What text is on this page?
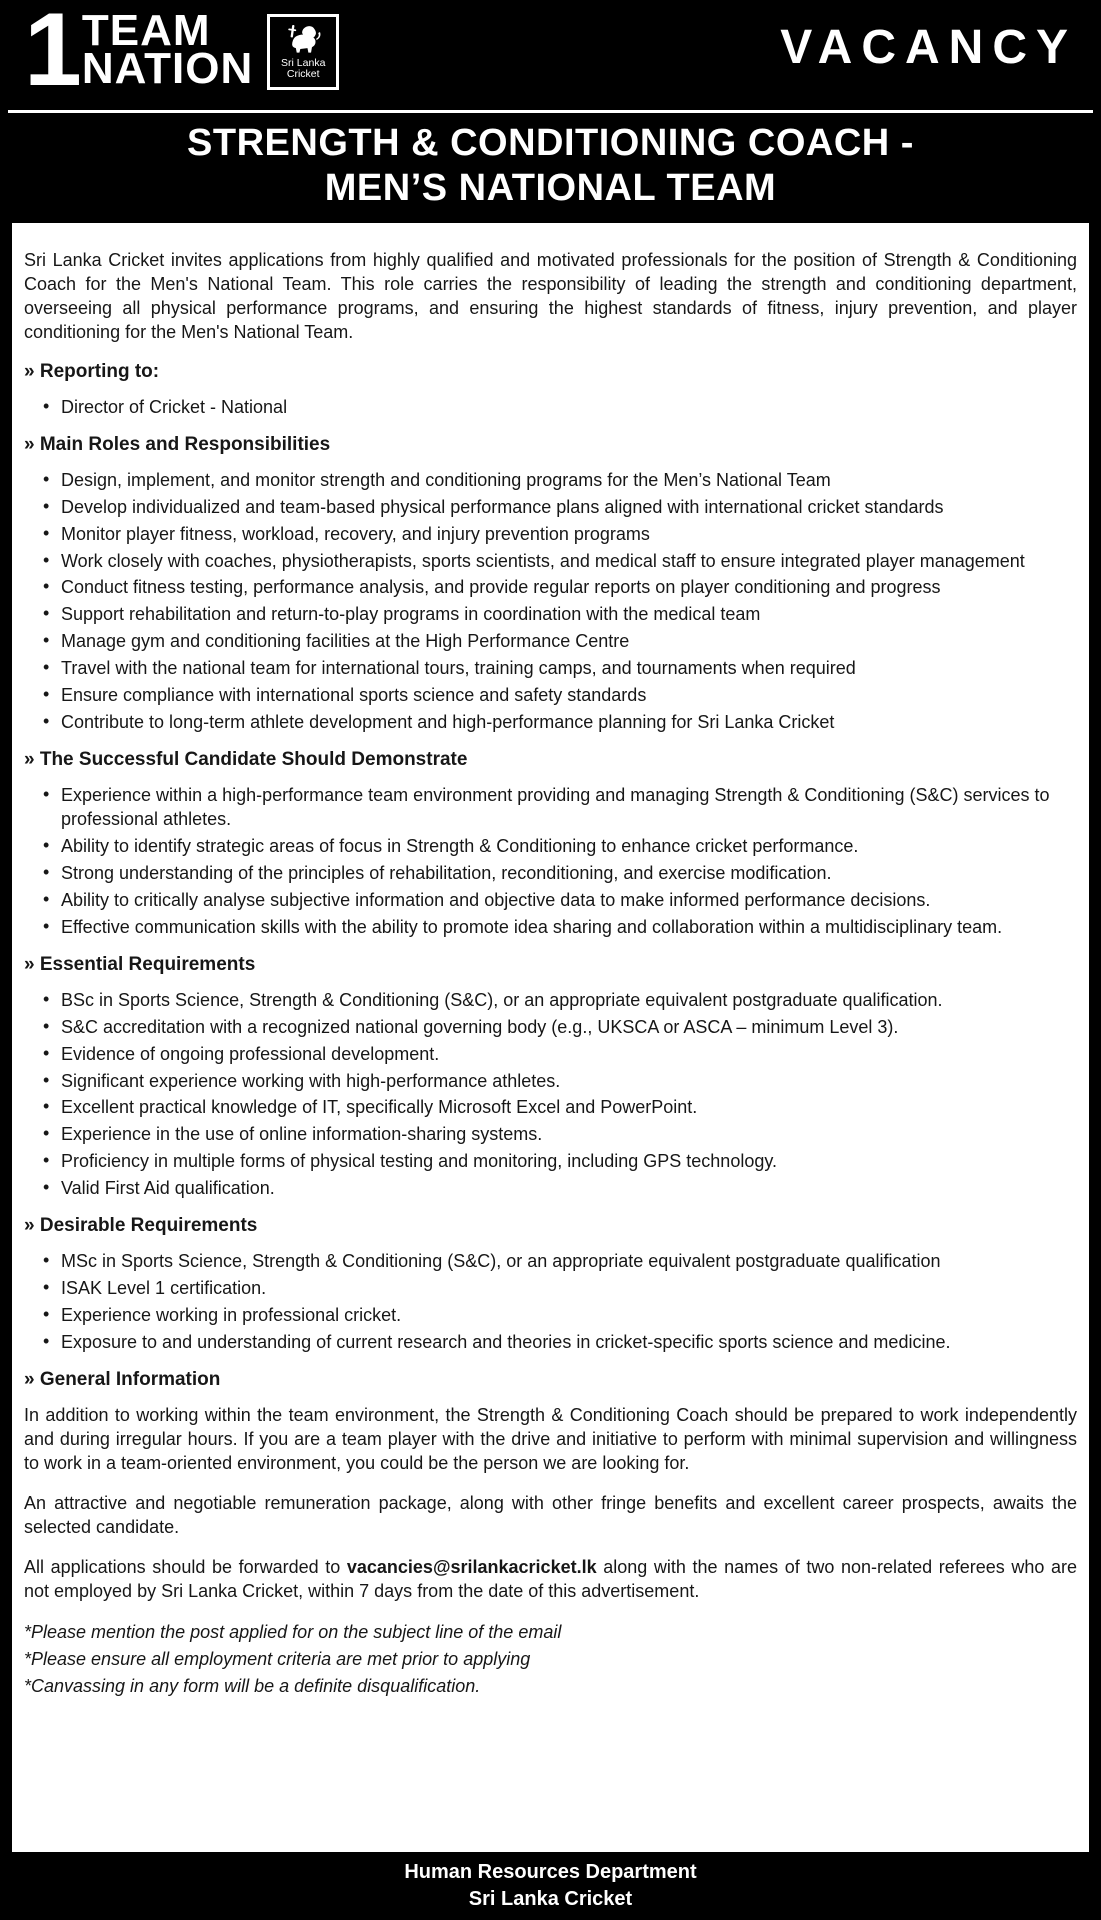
1 TEAM
NATION	Sri Lanka
Cricket	VACANCY
STRENGTH & CONDITIONING COACH -
MEN’S NATIONAL TEAM

Sri Lanka Cricket invites applications from highly qualified and motivated professionals for the position of Strength & Conditioning Coach for the Men's National Team. This role carries the responsibility of leading the strength and conditioning department, overseeing all physical performance programs, and ensuring the highest standards of fitness, injury prevention, and player conditioning for the Men's National Team.

» Reporting to:
• Director of Cricket - National
» Main Roles and Responsibilities
• Design, implement, and monitor strength and conditioning programs for the Men’s National Team
• Develop individualized and team-based physical performance plans aligned with international cricket standards
• Monitor player fitness, workload, recovery, and injury prevention programs
• Work closely with coaches, physiotherapists, sports scientists, and medical staff to ensure integrated player management
• Conduct fitness testing, performance analysis, and provide regular reports on player conditioning and progress
• Support rehabilitation and return-to-play programs in coordination with the medical team
• Manage gym and conditioning facilities at the High Performance Centre
• Travel with the national team for international tours, training camps, and tournaments when required
• Ensure compliance with international sports science and safety standards
• Contribute to long-term athlete development and high-performance planning for Sri Lanka Cricket
» The Successful Candidate Should Demonstrate
• Experience within a high-performance team environment providing and managing Strength & Conditioning (S&C) services to professional athletes.
• Ability to identify strategic areas of focus in Strength & Conditioning to enhance cricket performance.
• Strong understanding of the principles of rehabilitation, reconditioning, and exercise modification.
• Ability to critically analyse subjective information and objective data to make informed performance decisions.
• Effective communication skills with the ability to promote idea sharing and collaboration within a multidisciplinary team.
» Essential Requirements
• BSc in Sports Science, Strength & Conditioning (S&C), or an appropriate equivalent postgraduate qualification.
• S&C accreditation with a recognized national governing body (e.g., UKSCA or ASCA – minimum Level 3).
• Evidence of ongoing professional development.
• Significant experience working with high-performance athletes.
• Excellent practical knowledge of IT, specifically Microsoft Excel and PowerPoint.
• Experience in the use of online information-sharing systems.
• Proficiency in multiple forms of physical testing and monitoring, including GPS technology.
• Valid First Aid qualification.
» Desirable Requirements
• MSc in Sports Science, Strength & Conditioning (S&C), or an appropriate equivalent postgraduate qualification
• ISAK Level 1 certification.
• Experience working in professional cricket.
• Exposure to and understanding of current research and theories in cricket-specific sports science and medicine.
» General Information

In addition to working within the team environment, the Strength & Conditioning Coach should be prepared to work independently and during irregular hours. If you are a team player with the drive and initiative to perform with minimal supervision and willingness to work in a team-oriented environment, you could be the person we are looking for.

An attractive and negotiable remuneration package, along with other fringe benefits and excellent career prospects, awaits the selected candidate.

All applications should be forwarded to vacancies@srilankacricket.lk along with the names of two non-related referees who are not employed by Sri Lanka Cricket, within 7 days from the date of this advertisement.

*Please mention the post applied for on the subject line of the email
*Please ensure all employment criteria are met prior to applying
*Canvassing in any form will be a definite disqualification.
Human Resources Department
Sri Lanka Cricket
